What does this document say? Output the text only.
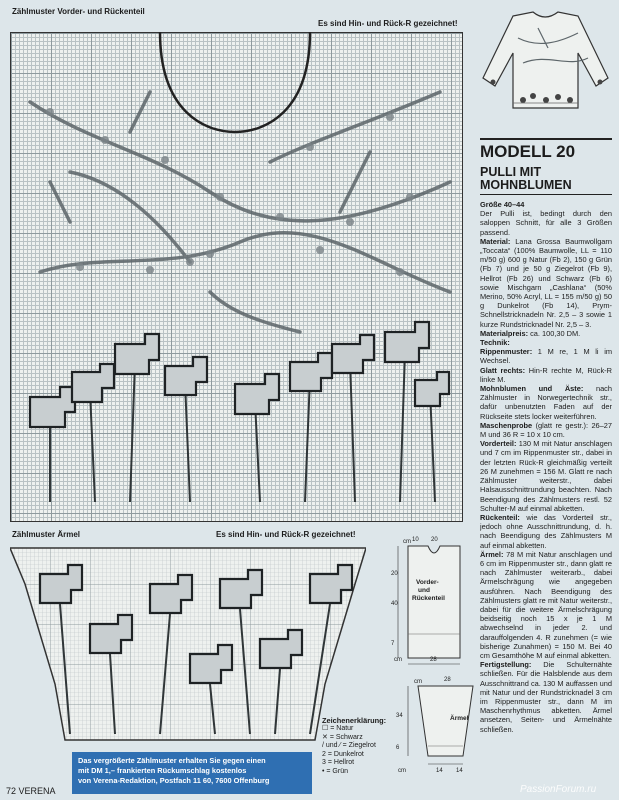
Zählmuster Vorder- und Rückenteil
Es sind Hin- und Rück-R gezeichnet!
Zählmuster Ärmel	Es sind Hin- und Rück-R gezeichnet!
Das vergrößerte Zählmuster erhalten Sie gegen einen
mit DM 1,– frankierten Rückumschlag kostenlos
von Verena-Redaktion, Postfach 11 60, 7600 Offenburg
72 VERENA
MODELL 20
PULLI MIT
MOHNBLUMEN
Größe 40–44
Der Pulli ist, bedingt durch den saloppen Schnitt, für alle 3 Größen passend.
Material: Lana Grossa Baumwollgarn „Toccata“ (100% Baumwolle, LL = 110 m/50 g) 600 g Natur (Fb 2), 150 g Grün (Fb 7) und je 50 g Ziegelrot (Fb 9), Hellrot (Fb 26) und Schwarz (Fb 6) sowie Mischgarn „Cashlana“ (50% Merino, 50% Acryl, LL = 155 m/50 g) 50 g Dunkelrot (Fb 14), Prym-Schnellstricknadeln Nr. 2,5 – 3 sowie 1 kurze Rundstricknadel Nr. 2,5 – 3.
Materialpreis: ca. 100,30 DM.
Technik:
Rippenmuster: 1 M re, 1 M li im Wechsel.
Glatt rechts: Hin-R rechte M, Rück-R linke M.
Mohnblumen und Äste: nach Zählmuster in Norwegertechnik str., dafür unbenutzten Faden auf der Rückseite stets locker weiterführen.
Maschenprobe (glatt re gestr.): 26–27 M und 36 R = 10 x 10 cm.
Vorderteil: 130 M mit Natur anschlagen und 7 cm im Rippenmuster str., dabei in der letzten Rück-R gleichmäßig verteilt 26 M zunehmen = 156 M. Glatt re nach Zählmuster weiterstr., dabei Halsausschnittrundung beachten. Nach Beendigung des Zählmusters restl. 52 Schulter-M auf einmal abketten.
Rückenteil: wie das Vorderteil str., jedoch ohne Ausschnittrundung, d. h. nach Beendigung des Zählmusters M auf einmal abketten.
Ärmel: 78 M mit Natur anschlagen und 6 cm im Rippenmuster str., dann glatt re nach Zählmuster weiterarb., dabei Ärmelschrägung wie angegeben ausführen. Nach Beendigung des Zählmusters glatt re mit Natur weiterstr., dabei für die weitere Ärmelschrägung beidseitig noch 15 x je 1 M abwechselnd in jeder 2. und darauffolgenden 4. R zunehmen (= wie bisherige Zunahmen) = 150 M. Bei 40 cm Gesamthöhe M auf einmal abketten.
Fertigstellung: Die Schulternähte schließen. Für die Halsblende aus dem Ausschnittrand ca. 130 M auffassen und mit Natur und der Rundstricknadel 3 cm im Rippenmuster str., dann M im Maschenrhythmus abketten. Ärmel ansetzen, Seiten- und Ärmelnähte schließen.
Vorder-
und
Rückenteil
10 20
20
40
7
28
cm
cm
Ärmel
28
34
6
14 14
cm
cm
Zeichenerklärung:
☐ = Natur
✕ = Schwarz
/ und ⁄ = Ziegelrot
2 = Dunkelrot
3 = Hellrot
• = Grün
PassionForum.ru
